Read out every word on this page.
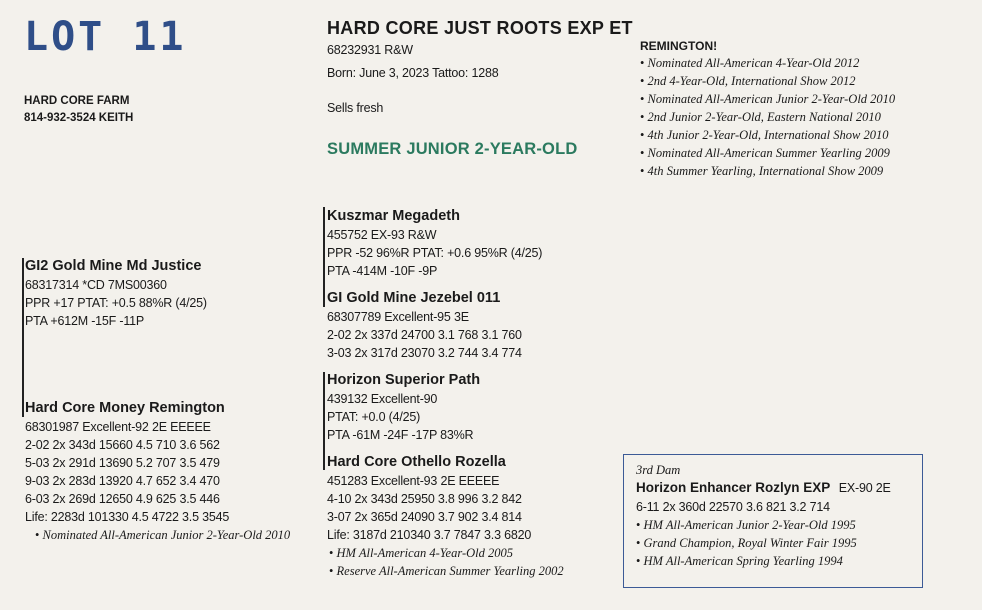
LOT 11
HARD CORE FARM
814-932-3524 KEITH
HARD CORE JUST ROOTS EXP ET
68232931 R&W
Born: June 3, 2023 Tattoo: 1288
Sells fresh
SUMMER JUNIOR 2-YEAR-OLD
REMINGTON!
• Nominated All-American 4-Year-Old 2012
• 2nd 4-Year-Old, International Show 2012
• Nominated All-American Junior 2-Year-Old 2010
• 2nd Junior 2-Year-Old, Eastern National 2010
• 4th Junior 2-Year-Old, International Show 2010
• Nominated All-American Summer Yearling 2009
• 4th Summer Yearling, International Show 2009
GI2 Gold Mine Md Justice
68317314 *CD 7MS00360
PPR +17 PTAT: +0.5 88%R (4/25)
PTA +612M -15F -11P
Hard Core Money Remington
68301987 Excellent-92 2E EEEEE
2-02 2x 343d 15660 4.5 710 3.6 562
5-03 2x 291d 13690 5.2 707 3.5 479
9-03 2x 283d 13920 4.7 652 3.4 470
6-03 2x 269d 12650 4.9 625 3.5 446
Life: 2283d 101330 4.5 4722 3.5 3545
• Nominated All-American Junior 2-Year-Old 2010
Kuszmar Megadeth
455752 EX-93 R&W
PPR -52 96%R PTAT: +0.6 95%R (4/25)
PTA -414M -10F -9P
GI Gold Mine Jezebel 011
68307789 Excellent-95 3E
2-02 2x 337d 24700 3.1 768 3.1 760
3-03 2x 317d 23070 3.2 744 3.4 774
Horizon Superior Path
439132 Excellent-90
PTAT: +0.0 (4/25)
PTA -61M -24F -17P 83%R
Hard Core Othello Rozella
451283 Excellent-93 2E EEEEE
4-10 2x 343d 25950 3.8 996 3.2 842
3-07 2x 365d 24090 3.7 902 3.4 814
Life: 3187d 210340 3.7 7847 3.3 6820
• HM All-American 4-Year-Old 2005
• Reserve All-American Summer Yearling 2002
3rd Dam
Horizon Enhancer Rozlyn EXP EX-90 2E
6-11 2x 360d 22570 3.6 821 3.2 714
• HM All-American Junior 2-Year-Old 1995
• Grand Champion, Royal Winter Fair 1995
• HM All-American Spring Yearling 1994
